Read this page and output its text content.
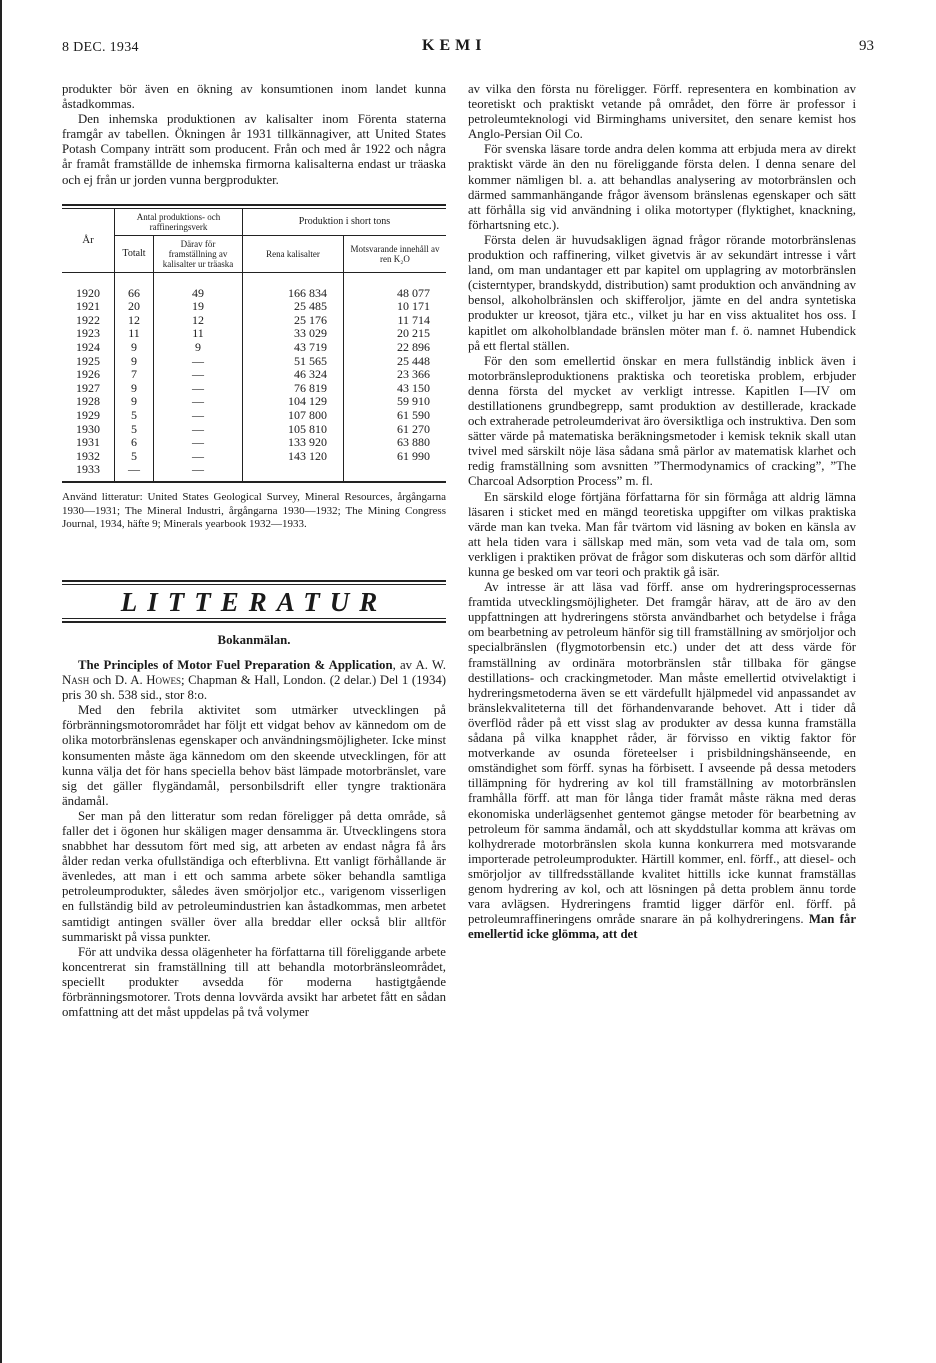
8 DEC. 1934	KEMI	93

produkter bör även en ökning av konsumtionen inom landet kunna åstadkommas.

Den inhemska produktionen av kalisalter inom Förenta staterna framgår av tabellen. Ökningen år 1931 tillkännagiver, att United States Potash Company inträtt som producent. Från och med år 1922 och några år framåt framställde de inhemska firmorna kalisalterna endast ur träaska och ej från ur jorden vunna bergprodukter.

År	Antal produktions- och raffineringsverk		Produktion i short tons	
	Totalt	Därav för framställning av kalisalter ur träaska	Rena kalisalter	Motsvarande innehåll av ren K₂O
1920	66	49	166 834	48 077
1921	20	19	25 485	10 171
1922	12	12	25 176	11 714
1923	11	11	33 029	20 215
1924	9	9	43 719	22 896
1925	9	—	51 565	25 448
1926	7	—	46 324	23 366
1927	9	—	76 819	43 150
1928	9	—	104 129	59 910
1929	5	—	107 800	61 590
1930	5	—	105 810	61 270
1931	6	—	133 920	63 880
1932	5	—	143 120	61 990
1933	—	—		
Använd litteratur: United States Geological Survey, Mineral Resources, årgångarna 1930—1931; The Mineral Industri, årgångarna 1930—1932; The Mining Congress Journal, 1934, häfte 9; Minerals yearbook 1932—1933.
LITTERATUR
Bokanmälan.

The Principles of Motor Fuel Preparation & Application, av A. W. Nash och D. A. Howes; Chapman & Hall, London. (2 delar.) Del 1 (1934) pris 30 sh. 538 sid., stor 8:o.

Med den febrila aktivitet som utmärker utvecklingen på förbränningsmotorområdet har följt ett vidgat behov av kännedom om de olika motorbränslenas egenskaper och användningsmöjligheter. Icke minst konsumenten måste äga kännedom om den skeende utvecklingen, för att kunna välja det för hans speciella behov bäst lämpade motorbränslet, vare sig det gäller flygändamål, personbilsdrift eller tyngre traktionära ändamål.

Ser man på den litteratur som redan föreligger på detta område, så faller det i ögonen hur skäligen mager densamma är. Utvecklingens stora snabbhet har dessutom fört med sig, att arbeten av endast några få års ålder redan verka ofullständiga och efterblivna. Ett vanligt förhållande är ävenledes, att man i ett och samma arbete söker behandla samtliga petroleumprodukter, således även smörjoljor etc., varigenom visserligen en fullständig bild av petroleumindustrien kan åstadkommas, men arbetet samtidigt antingen sväller över alla breddar eller också blir alltför summariskt på vissa punkter.

För att undvika dessa olägenheter ha författarna till föreliggande arbete koncentrerat sin framställning till att behandla motorbränsleområdet, speciellt produkter avsedda för moderna hastigtgående förbränningsmotorer. Trots denna lovvärda avsikt har arbetet fått en sådan omfattning att det måst uppdelas på två volymer

av vilka den första nu föreligger. Förff. representera en kombination av teoretiskt och praktiskt vetande på området, den förre är professor i petroleumteknologi vid Birminghams universitet, den senare kemist hos Anglo-Persian Oil Co.

För svenska läsare torde andra delen komma att erbjuda mera av direkt praktiskt värde än den nu föreliggande första delen. I denna senare del kommer nämligen bl. a. att behandlas analysering av motorbränslen och därmed sammanhängande frågor ävensom bränslenas egenskaper och sätt att förhålla sig vid användning i olika motortyper (flyktighet, knackning, förhartsning etc.).

Första delen är huvudsakligen ägnad frågor rörande motorbränslenas produktion och raffinering, vilket givetvis är av sekundärt intresse i vårt land, om man undantager ett par kapitel om upplagring av motorbränslen (cisterntyper, brandskydd, distribution) samt produktion och användning av bensol, alkoholbränslen och skifferoljor, jämte en del andra syntetiska produkter ur kreosot, tjära etc., vilket ju har en viss aktualitet hos oss. I kapitlet om alkoholblandade bränslen möter man f. ö. namnet Hubendick på ett flertal ställen.

För den som emellertid önskar en mera fullständig inblick även i motorbränsleproduktionens praktiska och teoretiska problem, erbjuder denna första del mycket av verkligt intresse. Kapitlen I—IV om destillationens grundbegrepp, samt produktion av destillerade, krackade och extraherade petroleumderivat äro översiktliga och instruktiva. Den som sätter värde på matematiska beräkningsmetoder i kemisk teknik skall utan tvivel med särskilt nöje läsa sådana små pärlor av matematisk klarhet och redig framställning som avsnitten ”Thermodynamics of cracking”, ”The Charcoal Adsorption Process” m. fl.

En särskild eloge förtjäna författarna för sin förmåga att aldrig lämna läsaren i sticket med en mängd teoretiska uppgifter om vilkas praktiska värde man kan tveka. Man får tvärtom vid läsning av boken en känsla av att hela tiden vara i sällskap med män, som veta vad de tala om, som verkligen i praktiken prövat de frågor som diskuteras och som därför alltid kunna ge besked om var teori och praktik gå isär.

Av intresse är att läsa vad förff. anse om hydreringsprocessernas framtida utvecklingsmöjligheter. Det framgår härav, att de äro av den uppfattningen att hydreringens största användbarhet och betydelse i fråga om bearbetning av petroleum hänför sig till framställning av smörjoljor och specialbränslen (flygmotorbensin etc.) under det att dess värde för framställning av ordinära motorbränslen står tillbaka för gängse destillations- och crackingmetoder. Man måste emellertid otvivelaktigt i hydreringsmetoderna även se ett värdefullt hjälpmedel vid anpassandet av bränslekvaliteterna till det förhandenvarande behovet. Att i tider då överflöd råder på ett visst slag av produkter av dessa kunna framställa sådana på vilka knapphet råder, är förvisso en viktig faktor för motverkande av osunda företeelser i prisbildningshänseende, en omständighet som förff. synas ha förbisett. I avseende på dessa metoders tillämpning för hydrering av kol till framställning av motorbränslen framhålla förff. att man för långa tider framåt måste räkna med deras ekonomiska underlägsenhet gentemot gängse metoder för bearbetning av petroleum för samma ändamål, och att skyddstullar komma att krävas om kolhydrerade motorbränslen skola kunna konkurrera med motsvarande importerade petroleumprodukter. Härtill kommer, enl. förff., att diesel- och smörjoljor av tillfredsställande kvalitet hittills icke kunnat framställas genom hydrering av kol, och att lösningen på detta problem ännu torde vara avlägsen. Hydreringens framtid ligger därför enl. förff. på petroleumraffineringens område snarare än på kolhydreringens. Man får emellertid icke glömma, att det
